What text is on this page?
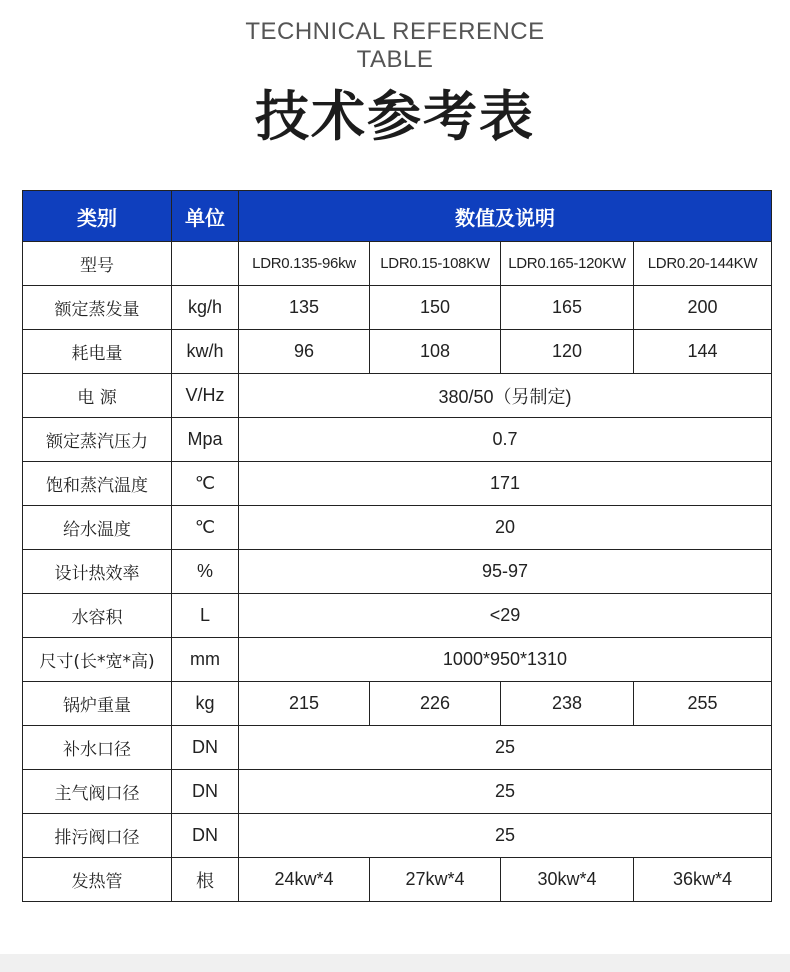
TECHNICAL REFERENCE
TABLE
技术参考表
类别	单位	数值及说明			
型号		LDR0.135-96kw	LDR0.15-108KW	LDR0.165-120KW	LDR0.20-144KW
额定蒸发量	kg/h	135	150	165	200
耗电量	kw/h	96	108	120	144
电 源	V/Hz	380/50（另制定)			
额定蒸汽压力	Mpa	0.7			
饱和蒸汽温度	℃	171			
给水温度	℃	20			
设计热效率	%	95-97			
水容积	L	<29			
尺寸(长*宽*高)	mm	1000*950*1310			
锅炉重量	kg	215	226	238	255
补水口径	DN	25			
主气阀口径	DN	25			
排污阀口径	DN	25			
发热管	根	24kw*4	27kw*4	30kw*4	36kw*4
